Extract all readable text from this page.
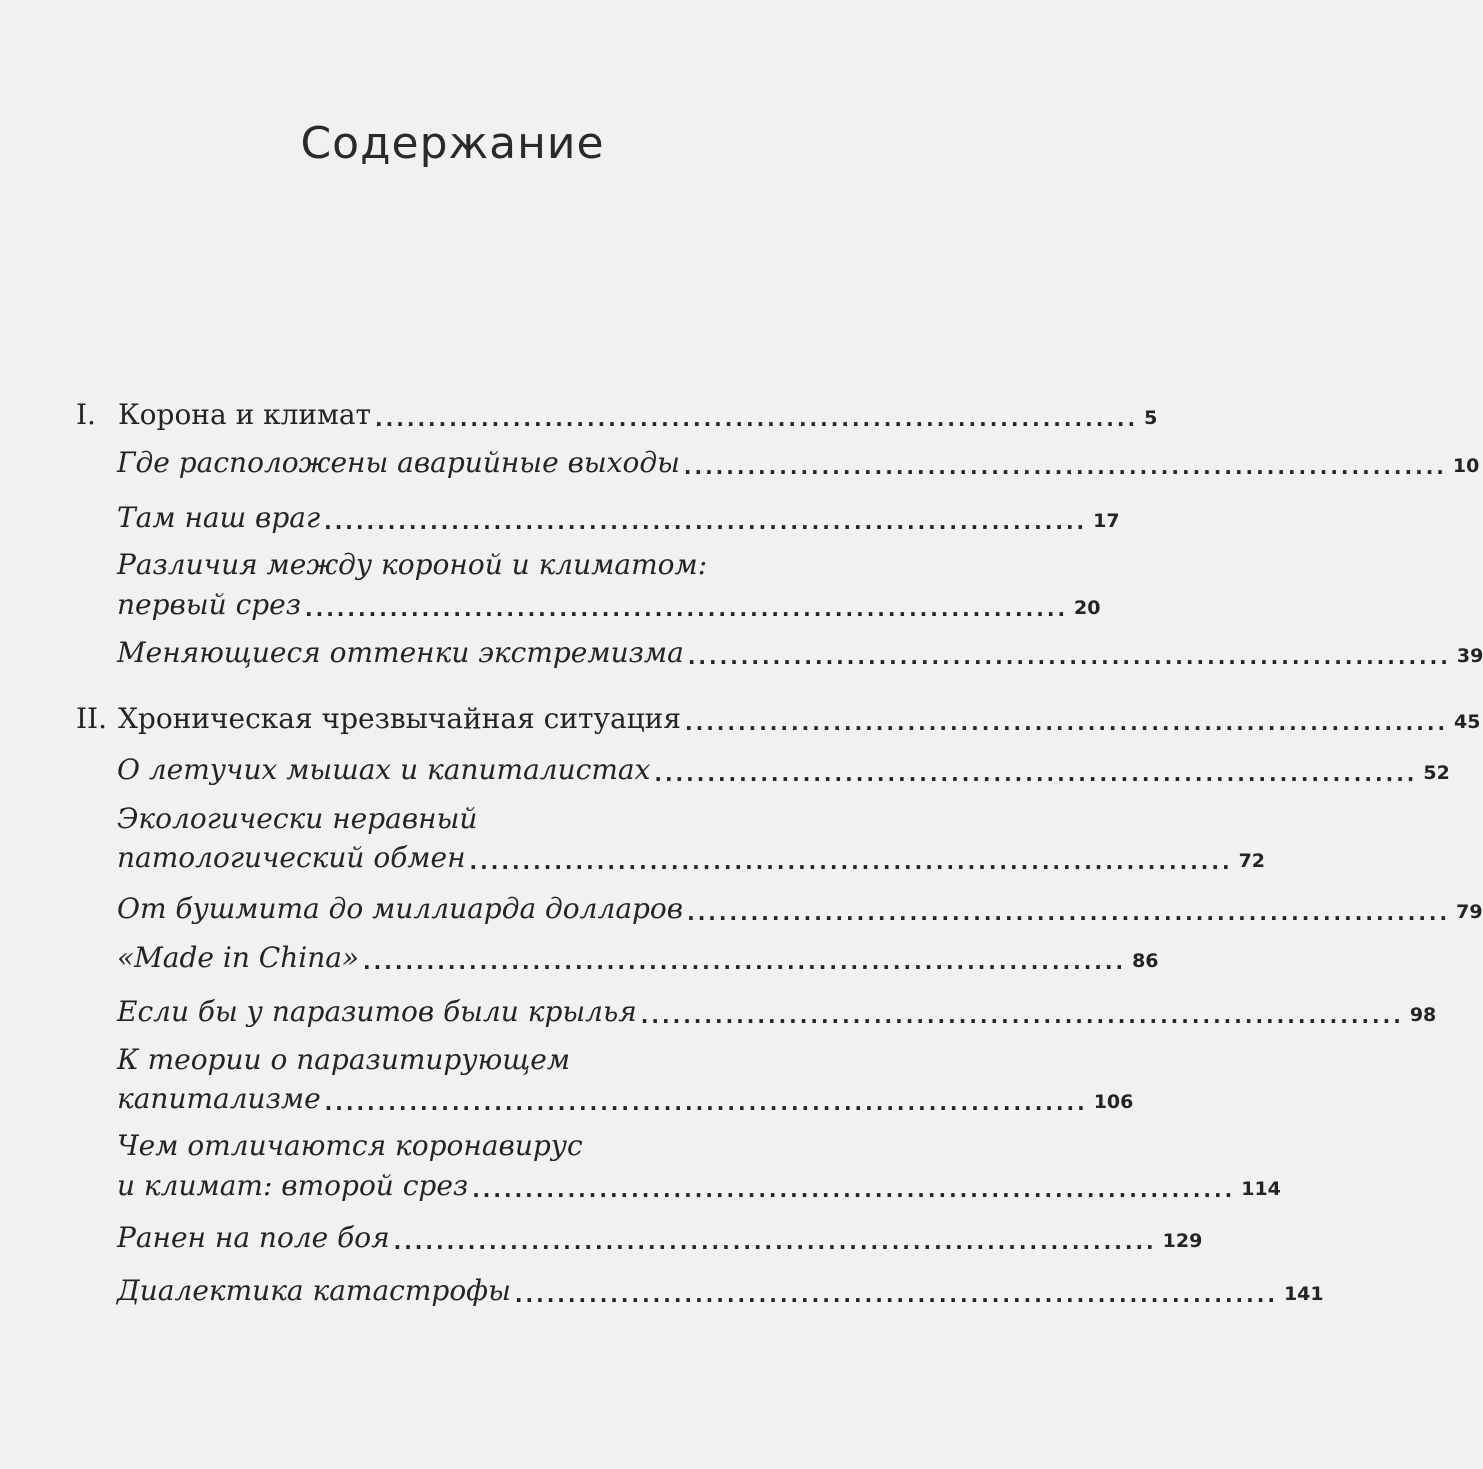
Содержание
I. Корона и климат ........................................................................ 5
Где расположены аварийные выходы ........................................................................ 10
Там наш враг ........................................................................ 17
Различия между короной и климатом:
первый срез ........................................................................ 20
Меняющиеся оттенки экстремизма ........................................................................ 39
II. Хроническая чрезвычайная ситуация ........................................................................ 45
О летучих мышах и капиталистах ........................................................................ 52
Экологически неравный
патологический обмен ........................................................................ 72
От бушмита до миллиарда долларов ........................................................................ 79
«Made in China» ........................................................................ 86
Если бы у паразитов были крылья ........................................................................ 98
К теории о паразитирующем
капитализме ........................................................................ 106
Чем отличаются коронавирус
и климат: второй срез ........................................................................ 114
Ранен на поле боя ........................................................................ 129
Диалектика катастрофы ........................................................................ 141
